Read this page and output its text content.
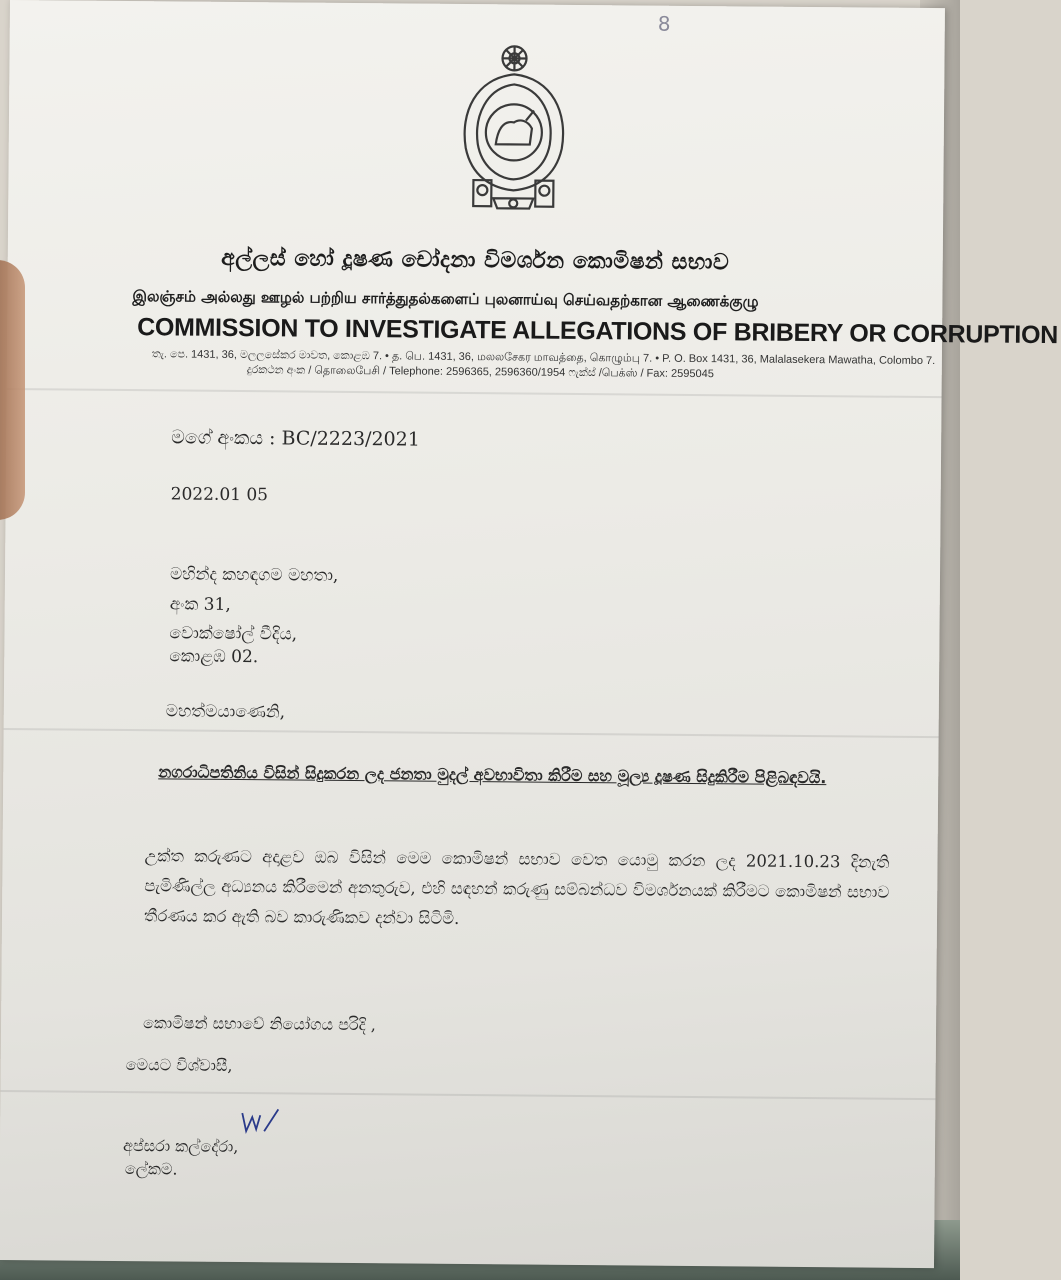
8
අල්ලස් හෝ දූෂණ චෝදනා විමර්ශන කොමිෂන් සභාව
இலஞ்சம் அல்லது ஊழல் பற்றிய சார்த்துதல்களைப் புலனாய்வு செய்வதற்கான ஆணைக்குழு
COMMISSION TO INVESTIGATE ALLEGATIONS OF BRIBERY OR CORRUPTION
තැ. පෙ. 1431, 36, මලලසේකර මාවත, කොළඹ 7. • த. பெ. 1431, 36, மலலசேகர மாவத்தை, கொழும்பு 7. • P. O. Box 1431, 36, Malalasekera Mawatha, Colombo 7.
දුරකථන අංක / தொலைபேசி / Telephone: 2596365, 2596360/1954 ෆැක්ස් /பெக்ஸ் / Fax: 2595045
මගේ අංකය : BC/2223/2021
2022.01 05
මහින්ද කහඳගම මහතා,
අංක 31,
වොක්ෂෝල් වීදිය,
කොළඹ 02.
මහත්මයාණෙනි,
නගරාධිපතිනිය විසින් සිදුකරන ලද ජනතා මුදල් අවභාවිතා කිරීම සහ මූල්‍ය දූෂණ සිදුකිරීම පිළිබඳවයි.
උක්ත කරුණට අදාළව ඔබ විසින් මෙම කොමිෂන් සභාව වෙත යොමු කරන ලද 2021.10.23 දිනැති පැමිණිල්ල අධ්‍යනය කිරීමෙන් අනතුරුව, එහි සඳහන් කරුණු සම්බන්ධව විමර්ශනයක් කිරීමට කොමිෂන් සභාව තීරණය කර ඇති බව කාරුණිකව දන්වා සිටිමි.
කොමිෂන් සභාවේ නියෝගය පරිදි ,
මෙයට විශ්වාසී,
අප්සරා කල්දේරා,
ලේකම.
